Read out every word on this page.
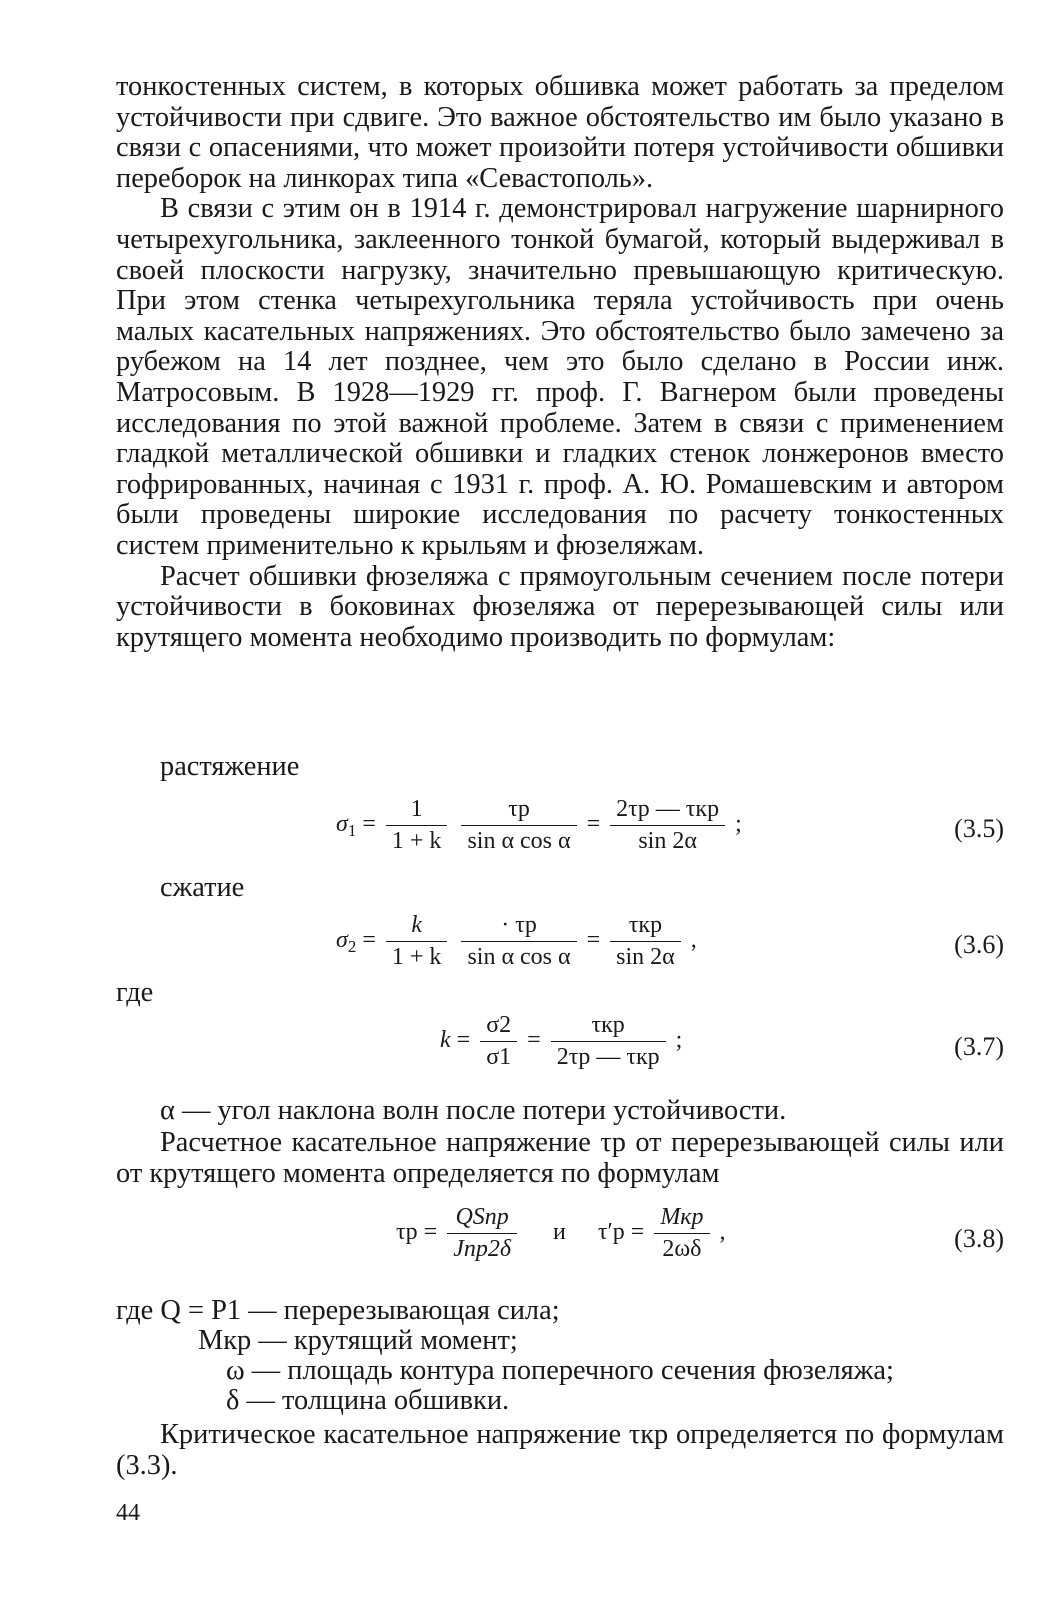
тонкостенных систем, в которых обшивка может работать за пределом устойчивости при сдвиге. Это важное обстоятельство им было указано в связи с опасениями, что может произойти потеря устойчивости обшивки переборок на линкорах типа «Севастополь».

В связи с этим он в 1914 г. демонстрировал нагружение шарнирного четырехугольника, заклеенного тонкой бумагой, который выдерживал в своей плоскости нагрузку, значительно превышающую критическую. При этом стенка четырехугольника теряла устойчивость при очень малых касательных напряжениях. Это обстоятельство было замечено за рубежом на 14 лет позднее, чем это было сделано в России инж. Матросовым. В 1928—1929 гг. проф. Г. Вагнером были проведены исследования по этой важной проблеме. Затем в связи с применением гладкой металлической обшивки и гладких стенок лонжеронов вместо гофрированных, начиная с 1931 г. проф. А. Ю. Ромашевским и автором были проведены широкие исследования по расчету тонкостенных систем применительно к крыльям и фюзеляжам.

Расчет обшивки фюзеляжа с прямоугольным сечением после потери устойчивости в боковинах фюзеляжа от перерезывающей силы или крутящего момента необходимо производить по формулам:

растяжение
$\sigma_1 = \frac{1}{1 + k}$
$\frac{\tau р}{\text{sin α cos α}} = \frac{\text{2τр — τкр}}{\sin 2\alpha}$ ;	(3.5)
сжатие
$\sigma_2 = \frac{k}{1 + k}$
$\frac{\cdot \tau р}{\text{sin α cos α}} = \frac{\text{τкр}}{\sin 2\alpha}$ ,	(3.6)
где
$k = \frac{\sigma 2}{\sigma 1} = \frac{\text{τкр}}{\text{2τр — τкр}}$ ;	(3.7)
α — угол наклона волн после потери устойчивости.
Расчетное касательное напряжение τр от перерезывающей силы или от крутящего момента определяется по формулам
$\tau р = \frac{\text{QSпр}}{\text{Jпр2δ}}$ и $\tau'р = \frac{\text{Mкр}}{2\omega\delta}$ ,	(3.8)
где Q = P1 — перерезывающая сила;
Mкр — крутящий момент;
ω — площадь контура поперечного сечения фюзеляжа;
δ — толщина обшивки.
Критическое касательное напряжение τкр определяется по формулам (3.3).
44
